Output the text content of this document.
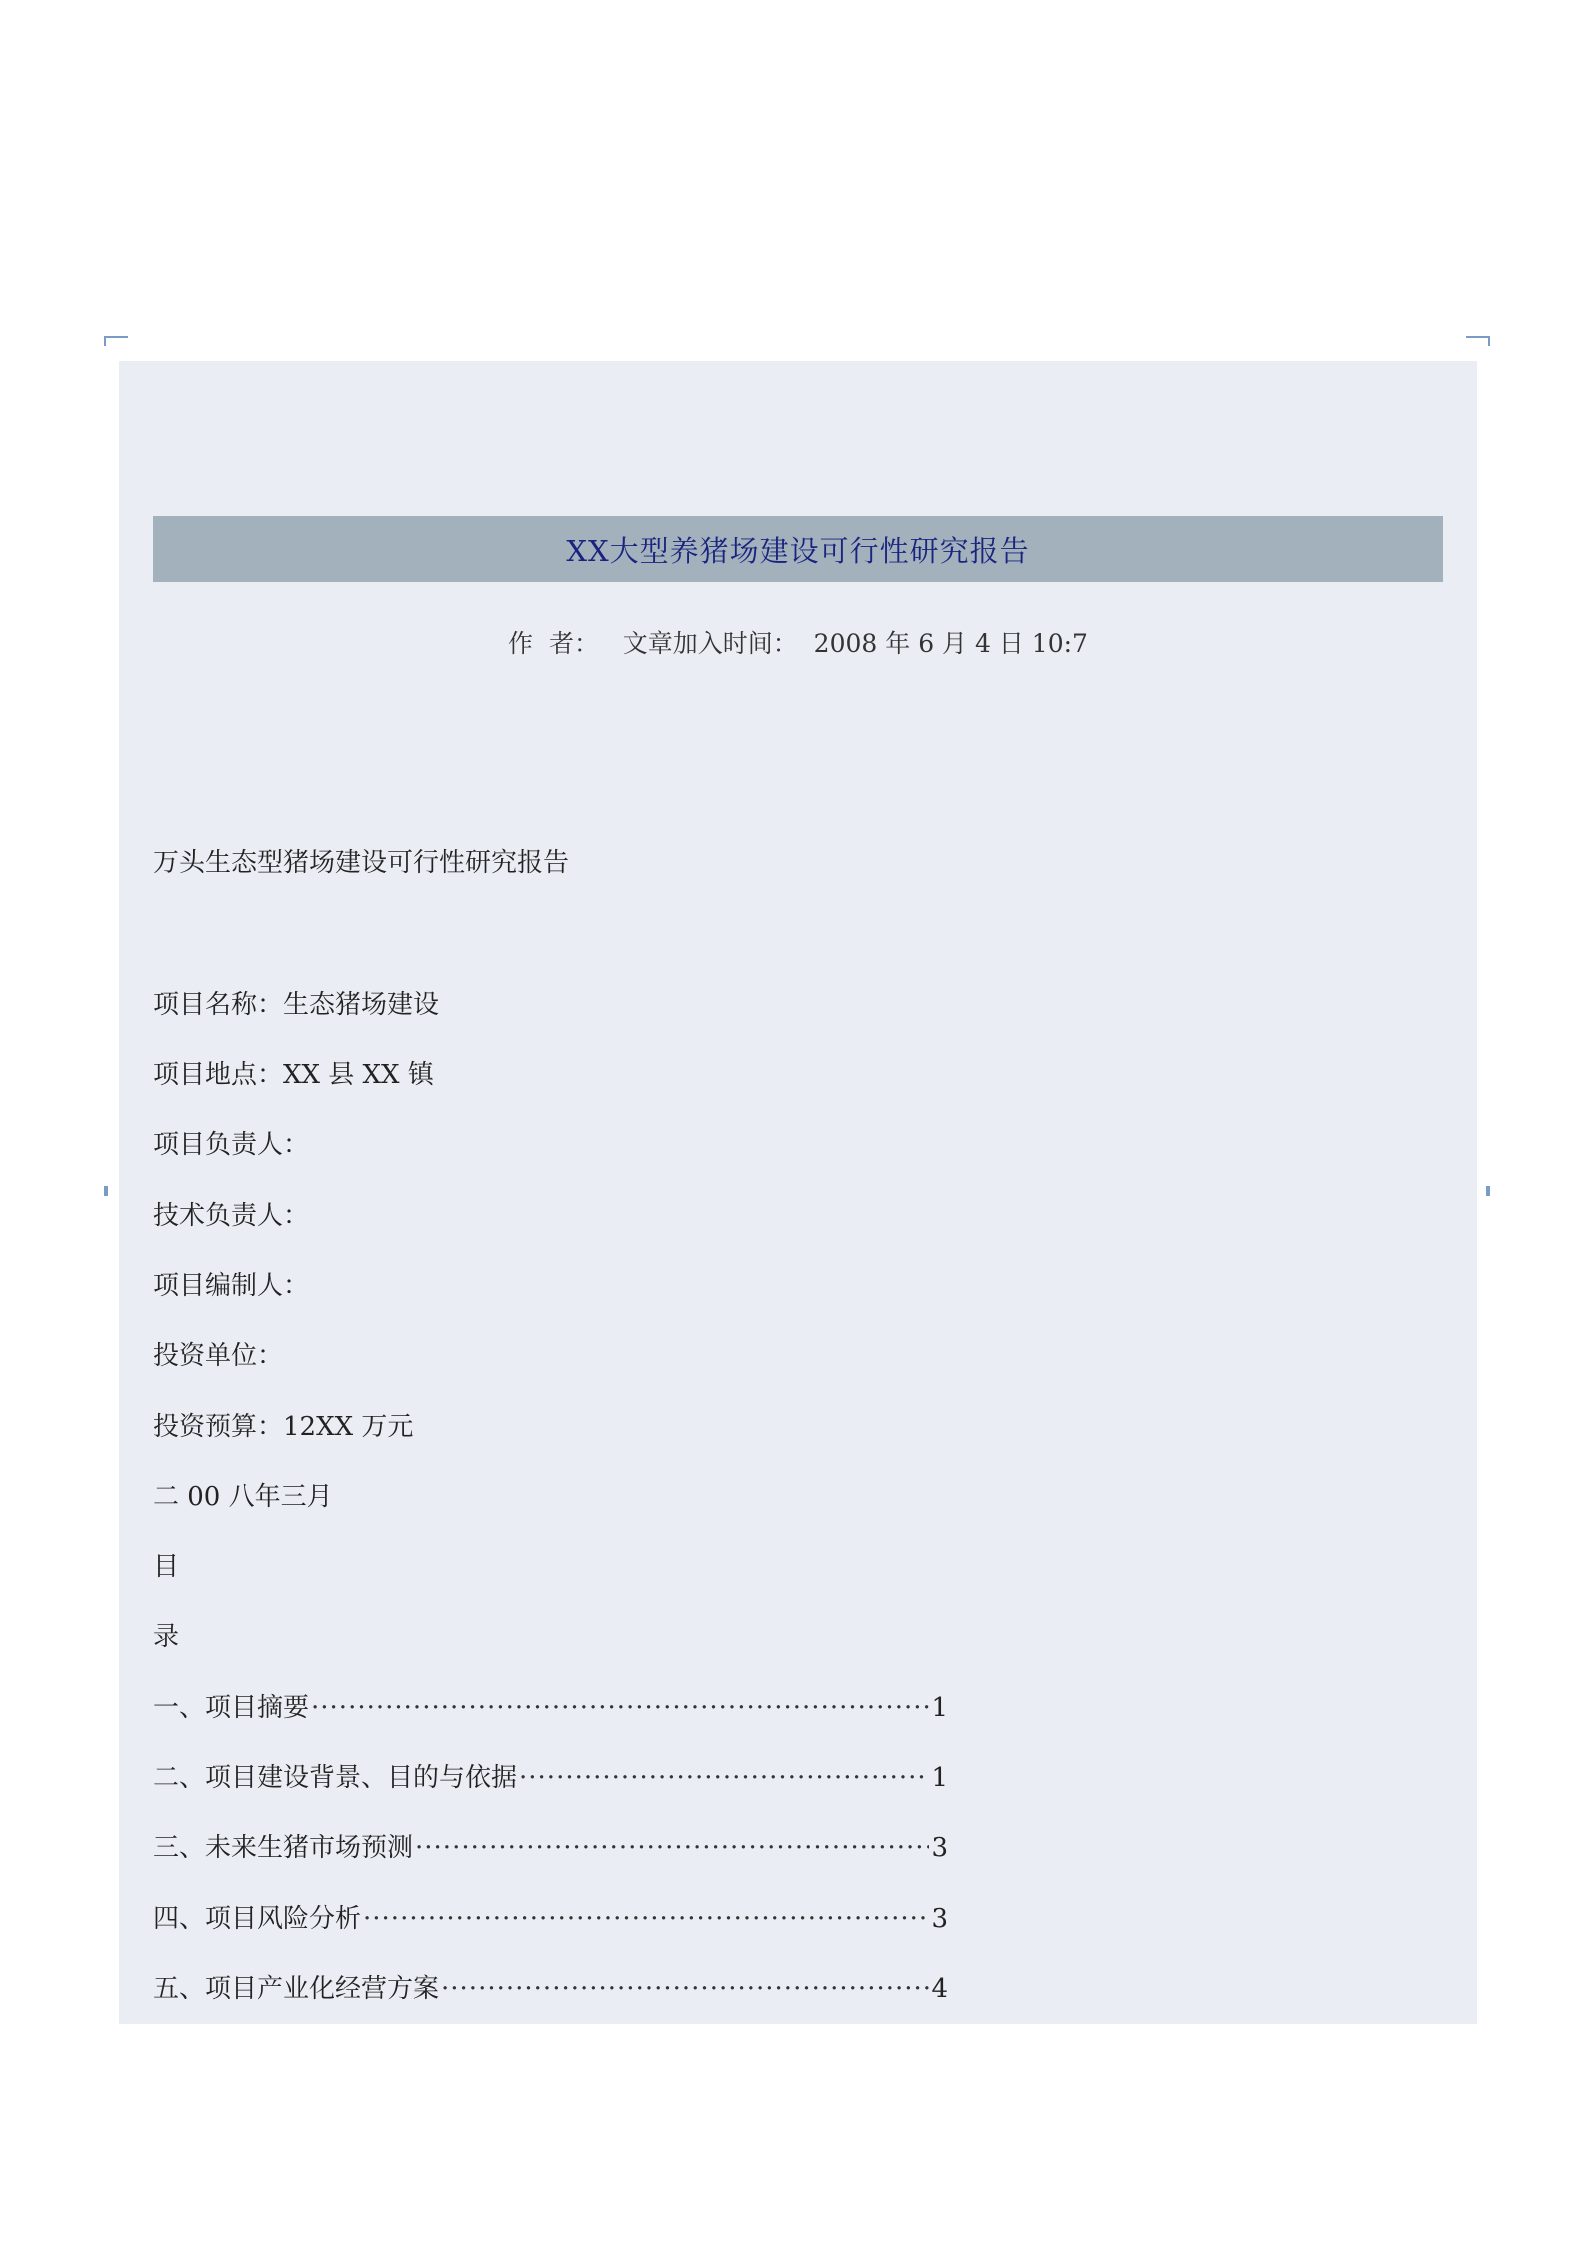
XX大型养猪场建设可行性研究报告
作  者：   文章加入时间：  2008 年 6 月 4 日 10:7
万头生态型猪场建设可行性研究报告
项目名称：生态猪场建设
项目地点：XX 县 XX 镇
项目负责人：
技术负责人：
项目编制人：
投资单位：
投资预算：12XX 万元
二 00 八年三月
目
录
一、项目摘要 ·····	1
二、项目建设背景、目的与依据 ·····	1
三、未来生猪市场预测 ·····	3
四、项目风险分析 ·····	3
五、项目产业化经营方案 ·····	4
